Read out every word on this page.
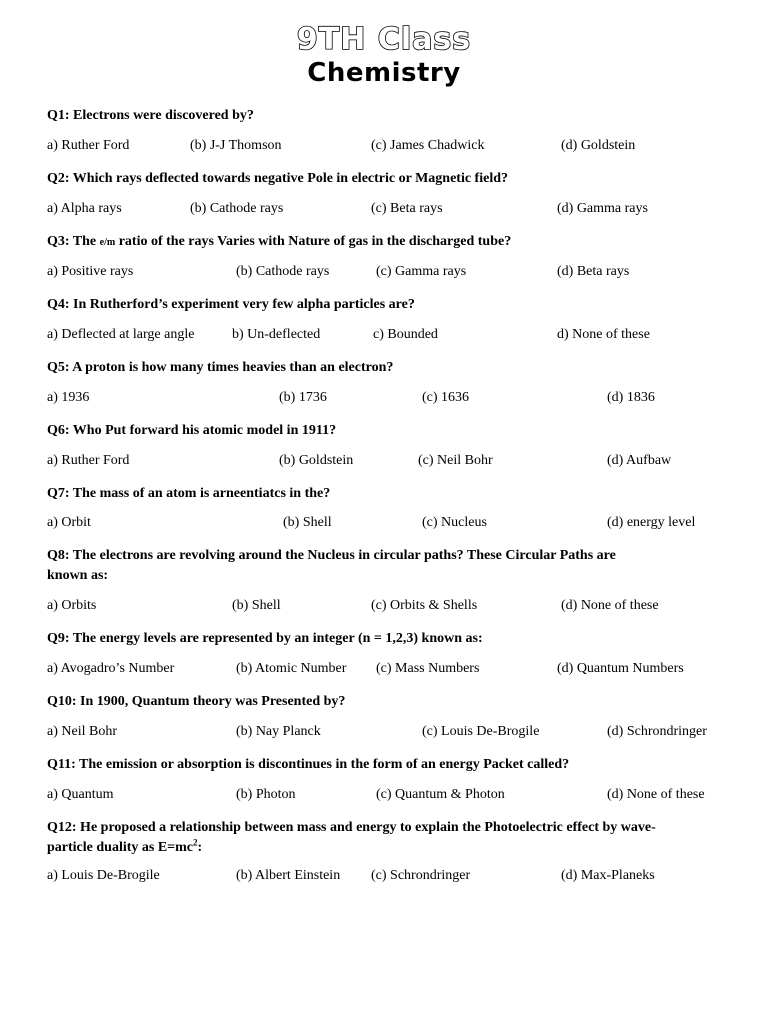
9TH Class
Chemistry

Q1: Electrons were discovered by?

a) Ruther Ford	(b) J-J Thomson	(c) James Chadwick	(d) Goldstein

Q2: Which rays deflected towards negative Pole in electric or Magnetic field?

a) Alpha rays	(b) Cathode rays	(c) Beta rays	(d) Gamma rays

Q3: The e/m ratio of the rays Varies with Nature of gas in the discharged tube?

a) Positive rays	(b) Cathode rays	(c) Gamma rays	(d) Beta rays

Q4: In Rutherford’s experiment very few alpha particles are?

a) Deflected at large angle	b) Un-deflected	c) Bounded	d) None of these

Q5: A proton is how many times heavies than an electron?

a) 1936	(b) 1736	(c) 1636	(d) 1836

Q6: Who Put forward his atomic model in 1911?

a) Ruther Ford	(b) Goldstein	(c) Neil Bohr	(d) Aufbaw

Q7: The mass of an atom is arneentiatcs in the?

a) Orbit	(b) Shell	(c) Nucleus	(d) energy level

Q8: The electrons are revolving around the Nucleus in circular paths? These Circular Paths are
known as:

a) Orbits	(b) Shell	(c) Orbits & Shells	(d) None of these

Q9: The energy levels are represented by an integer (n = 1,2,3) known as:

a) Avogadro’s Number	(b) Atomic Number (c) Mass Numbers	(d) Quantum Numbers

Q10: In 1900, Quantum theory was Presented by?

a) Neil Bohr	(b) Nay Planck	(c) Louis De-Brogile	(d) Schrondringer

Q11: The emission or absorption is discontinues in the form of an energy Packet called?

a) Quantum	(b) Photon	(c) Quantum & Photon	(d) None of these

Q12: He proposed a relationship between mass and energy to explain the Photoelectric effect by wave-
particle duality as $E=mc^2$:

a) Louis De-Brogile	(b) Albert Einstein (c) Schrondringer	(d) Max-Planeks
